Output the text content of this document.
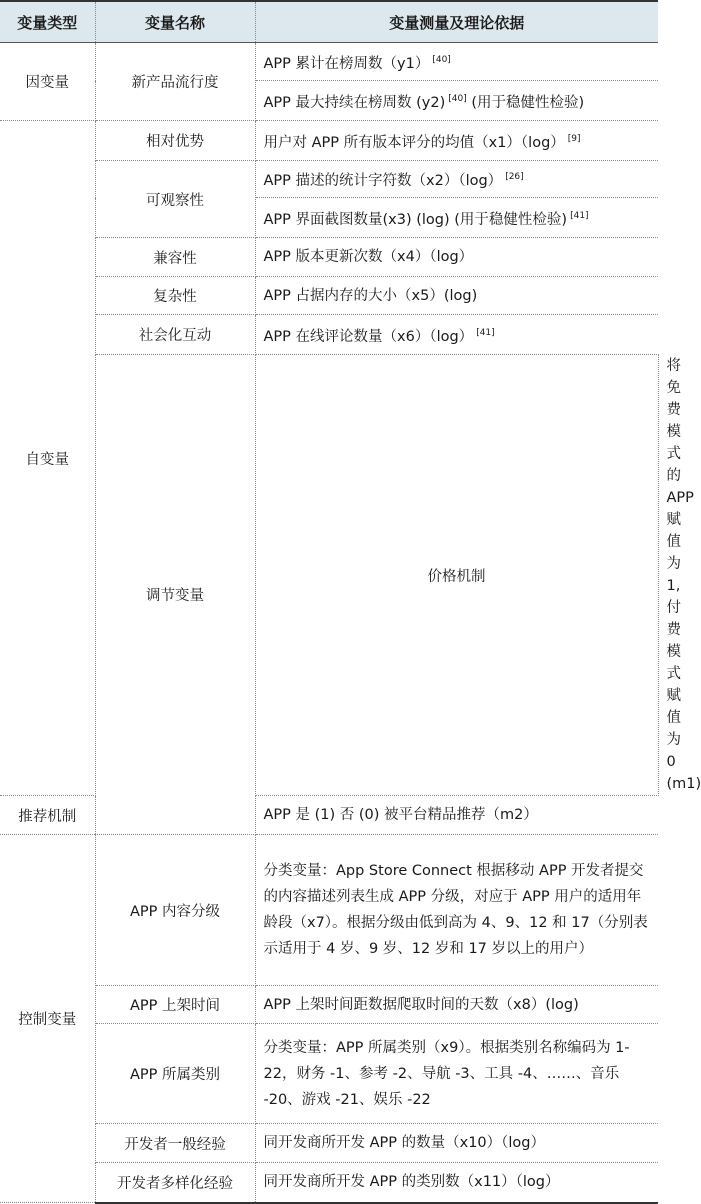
变量类型	变量名称	变量测量及理论依据	
因变量	新产品流行度	APP 累计在榜周数（y1） [40]
		APP 最大持续在榜周数 (y2) [40] (用于稳健性检验)	
自变量	相对优势	用户对 APP 所有版本评分的均值（x1）（log） [9]
	可观察性	APP 描述的统计字符数（x2）（log） [26]
		APP 界面截图数量(x3) (log) (用于稳健性检验) [41]
	兼容性	APP 版本更新次数（x4）（log）	
	复杂性	APP 占据内存的大小（x5）(log)	
	社会化互动	APP 在线评论数量（x6）（log） [41]
	调节变量	价格机制	将免费模式的 APP 赋值为 1, 付费模式赋值为 0 (m1)
推荐机制		APP 是 (1) 否 (0) 被平台精品推荐（m2）	
控制变量	APP 内容分级	分类变量：App Store Connect 根据移动 APP 开发者提交的内容描述列表生成 APP 分级，对应于 APP 用户的适用年龄段（x7）。根据分级由低到高为 4、9、12 和 17（分别表示适用于 4 岁、9 岁、12 岁和 17 岁以上的用户）	
	APP 上架时间	APP 上架时间距数据爬取时间的天数（x8）(log)	
	APP 所属类别	分类变量：APP 所属类别（x9）。根据类别名称编码为 1-22，财务 -1、参考 -2、导航 -3、工具 -4、……、音乐 -20、游戏 -21、娱乐 -22	
	开发者一般经验	同开发商所开发 APP 的数量（x10）（log）	
	开发者多样化经验	同开发商所开发 APP 的类别数（x11）（log）	
